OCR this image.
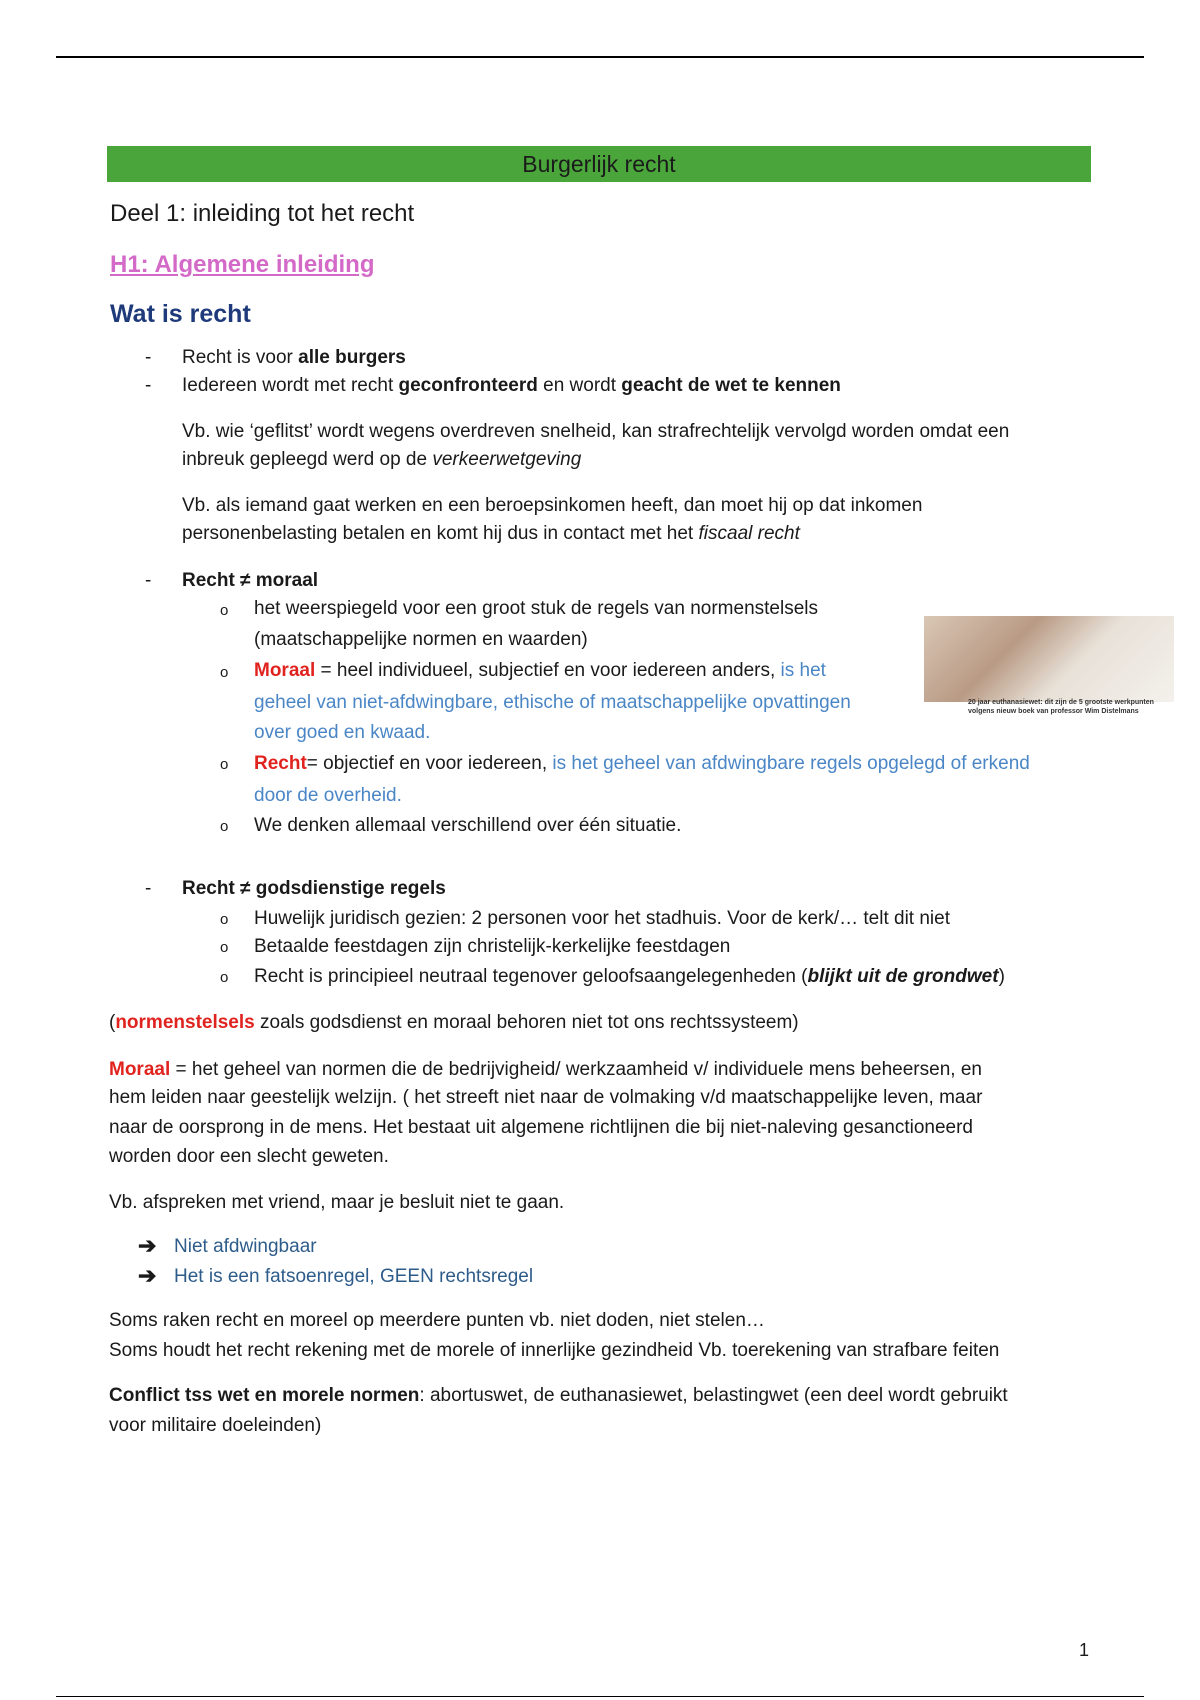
Burgerlijk recht
Deel 1: inleiding tot het recht
H1: Algemene inleiding
Wat is recht
- Recht is voor alle burgers
- Iedereen wordt met recht geconfronteerd en wordt geacht de wet te kennen
Vb. wie ‘geflitst’ wordt wegens overdreven snelheid, kan strafrechtelijk vervolgd worden omdat een
inbreuk gepleegd werd op de verkeerwetgeving
Vb. als iemand gaat werken en een beroepsinkomen heeft, dan moet hij op dat inkomen
personenbelasting betalen en komt hij dus in contact met het fiscaal recht
- Recht ≠ moraal
o het weerspiegeld voor een groot stuk de regels van normenstelsels
(maatschappelijke normen en waarden)
o Moraal = heel individueel, subjectief en voor iedereen anders, is het
geheel van niet-afdwingbare, ethische of maatschappelijke opvattingen
over goed en kwaad.
o Recht= objectief en voor iedereen, is het geheel van afdwingbare regels opgelegd of erkend
door de overheid.
o We denken allemaal verschillend over één situatie.
20 jaar euthanasiewet: dit zijn de 5 grootste werkpunten volgens nieuw boek van professor Wim Distelmans
- Recht ≠ godsdienstige regels
o Huwelijk juridisch gezien: 2 personen voor het stadhuis. Voor de kerk/… telt dit niet
o Betaalde feestdagen zijn christelijk-kerkelijke feestdagen
o Recht is principieel neutraal tegenover geloofsaangelegenheden (blijkt uit de grondwet)
(normenstelsels zoals godsdienst en moraal behoren niet tot ons rechtssysteem)
Moraal = het geheel van normen die de bedrijvigheid/ werkzaamheid v/ individuele mens beheersen, en
hem leiden naar geestelijk welzijn. ( het streeft niet naar de volmaking v/d maatschappelijke leven, maar
naar de oorsprong in de mens. Het bestaat uit algemene richtlijnen die bij niet-naleving gesanctioneerd
worden door een slecht geweten.
Vb. afspreken met vriend, maar je besluit niet te gaan.
➔ Niet afdwingbaar
➔ Het is een fatsoenregel, GEEN rechtsregel
Soms raken recht en moreel op meerdere punten vb. niet doden, niet stelen…
Soms houdt het recht rekening met de morele of innerlijke gezindheid Vb. toerekening van strafbare feiten
Conflict tss wet en morele normen: abortuswet, de euthanasiewet, belastingwet (een deel wordt gebruikt
voor militaire doeleinden)
1
